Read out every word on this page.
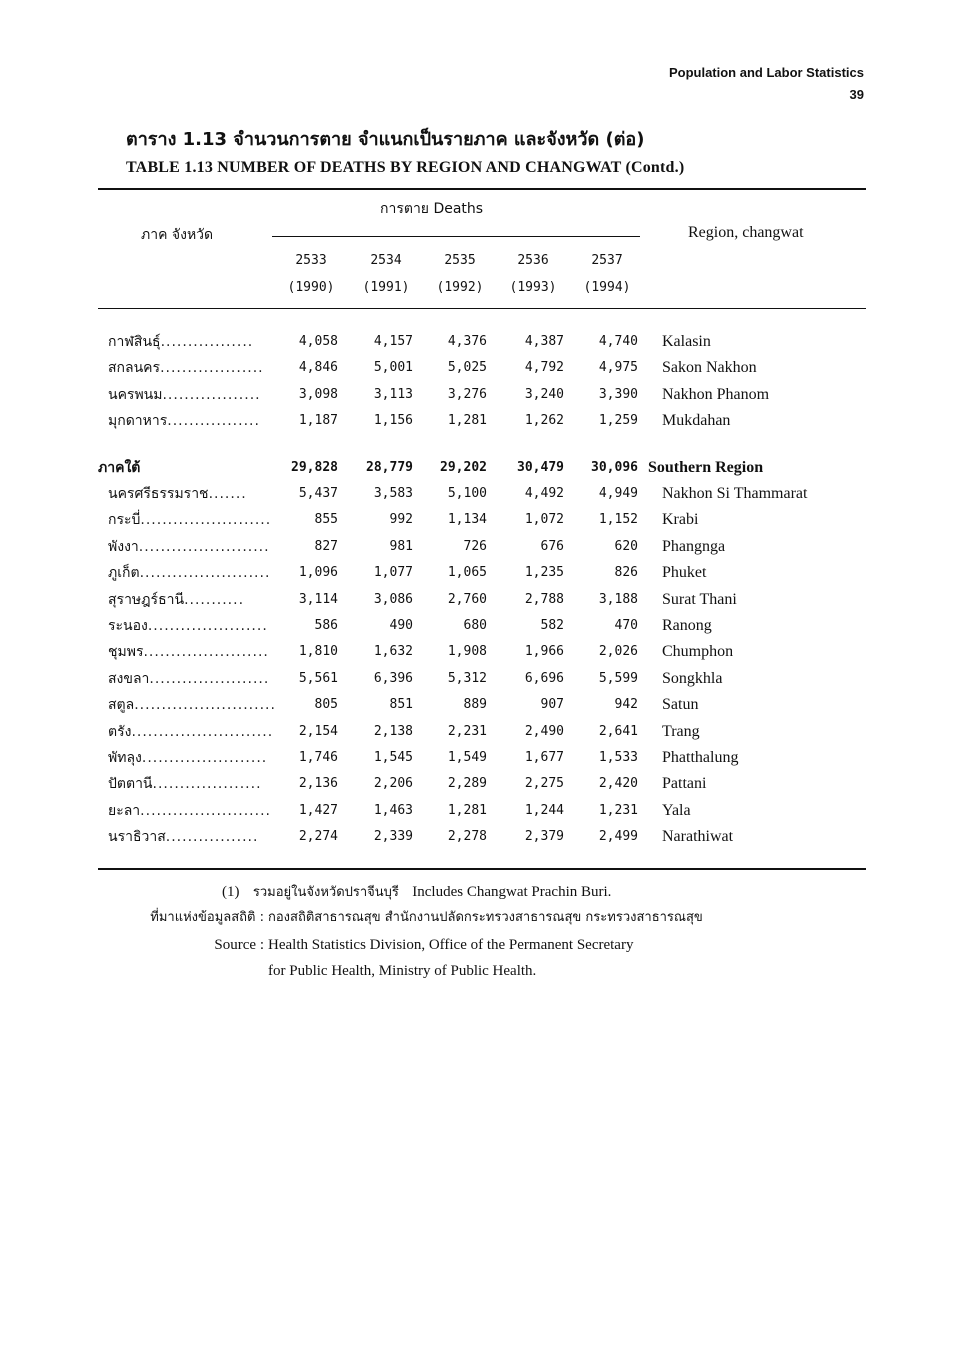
Population and Labor Statistics
39

ตาราง 1.13 จำนวนการตาย จำแนกเป็นรายภาค และจังหวัด (ต่อ)

TABLE 1.13 NUMBER OF DEATHS BY REGION AND CHANGWAT (Contd.)

ภาค จังหวัด
การตาย Deaths
Region, changwat
2533	2534	2535	2536	2537
(1990)	(1991)	(1992)	(1993)	(1994)
กาฬสินธุ์.................	4,058	4,157	4,376	4,387	4,740 Kalasin
สกลนคร...................	4,846	5,001	5,025	4,792	4,975 Sakon Nakhon
นครพนม..................	3,098	3,113	3,276	3,240	3,390 Nakhon Phanom
มุกดาหาร.................	1,187	1,156	1,281	1,262	1,259 Mukdahan
ภาคใต้	29,828	28,779	29,202	30,479	30,096 Southern Region
นครศรีธรรมราช.......	5,437	3,583	5,100	4,492	4,949 Nakhon Si Thammarat
กระบี่........................	855	992	1,134	1,072	1,152 Krabi
พังงา........................	827	981	726	676	620 Phangnga
ภูเก็ต........................	1,096	1,077	1,065	1,235	826 Phuket
สุราษฎร์ธานี...........	3,114	3,086	2,760	2,788	3,188 Surat Thani
ระนอง......................	586	490	680	582	470 Ranong
ชุมพร.......................	1,810	1,632	1,908	1,966	2,026 Chumphon
สงขลา......................	5,561	6,396	5,312	6,696	5,599 Songkhla
สตูล..........................	805	851	889	907	942 Satun
ตรัง..........................	2,154	2,138	2,231	2,490	2,641 Trang
พัทลุง.......................	1,746	1,545	1,549	1,677	1,533 Phatthalung
ปัตตานี....................	2,136	2,206	2,289	2,275	2,420 Pattani
ยะลา........................	1,427	1,463	1,281	1,244	1,231 Yala
นราธิวาส.................	2,274	2,339	2,278	2,379	2,499 Narathiwat
(1) รวมอยู่ในจังหวัดปราจีนบุรี Includes Changwat Prachin Buri.
ที่มาแห่งข้อมูลสถิติ : กองสถิติสาธารณสุข สำนักงานปลัดกระทรวงสาธารณสุข กระทรวงสาธารณสุข
Source : Health Statistics Division, Office of the Permanent Secretary
for Public Health, Ministry of Public Health.
